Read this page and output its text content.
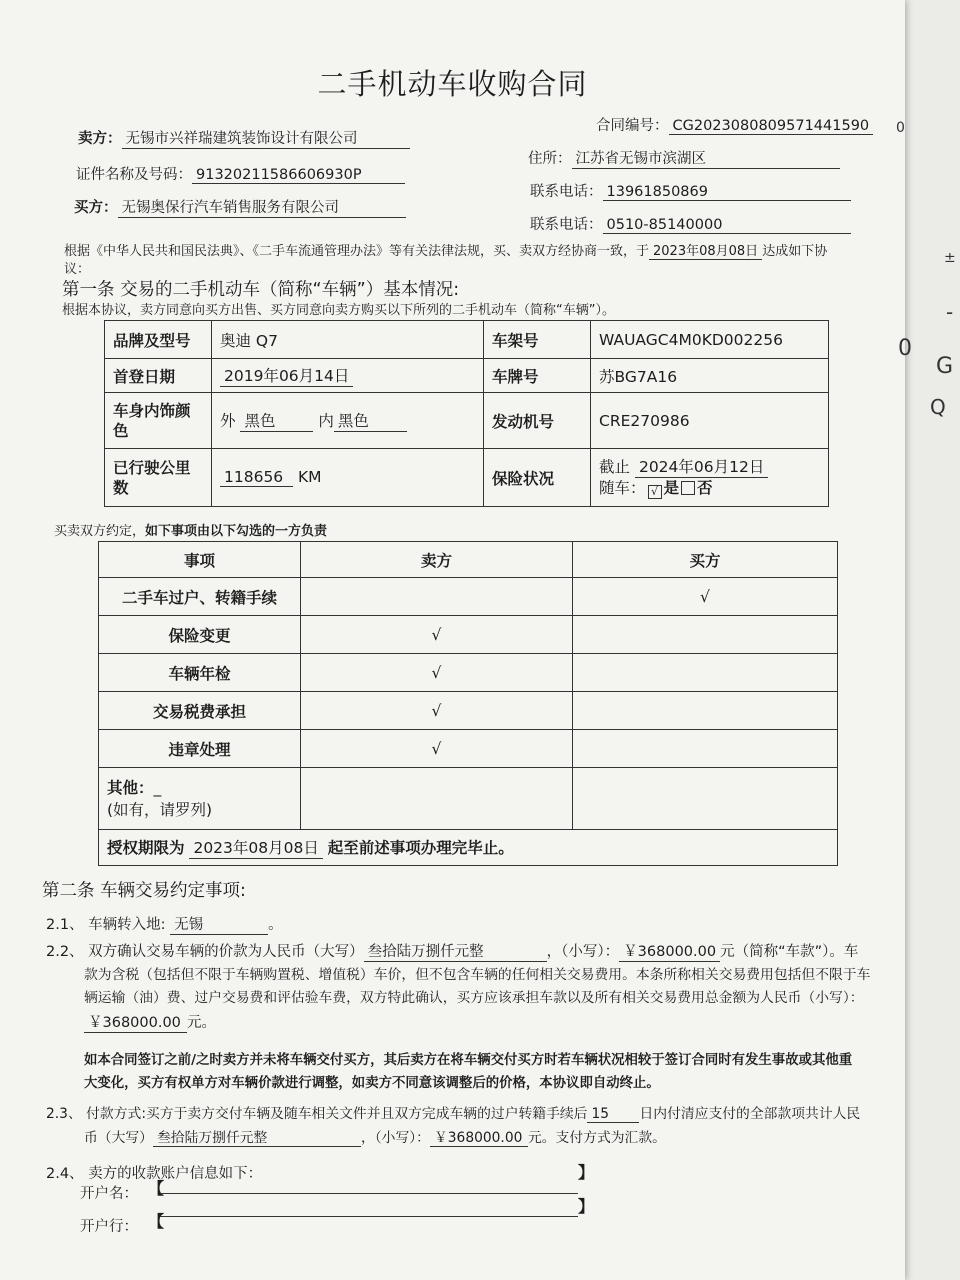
二手机动车收购合同
合同编号： CG2023080809571441590
卖方： 无锡市兴祥瑞建筑装饰设计有限公司
住所： 江苏省无锡市滨湖区
证件名称及号码： 91320211586606930P
联系电话： 13961850869
买方： 无锡奥保行汽车销售服务有限公司
联系电话： 0510-85140000
根据《中华人民共和国民法典》、《二手车流通管理办法》等有关法律法规，买、卖双方经协商一致，于 2023年08月08日 达成如下协
议：
第一条 交易的二手机动车（简称“车辆”）基本情况:
根据本协议，卖方同意向买方出售、买方同意向卖方购买以下所列的二手机动车（简称“车辆”）。
品牌及型号	奥迪 Q7	车架号	WAUAGC4M0KD002256
首登日期	2019年06月14日	车牌号	苏BG7A16
车身内饰颜色	外 黑色 内 黑色	发动机号	CRE270986
已行驶公里数	118656 KM	保险状况	截止 2024年06月12日
随车： √ 是 否
买卖双方约定，如下事项由以下勾选的一方负责
事项	卖方	买方
二手车过户、转籍手续		√
保险变更	√	
车辆年检	√	
交易税费承担	√	
违章处理	√	

其他：_
(如有，请罗列)		

授权期限为 2023年08月08日 起至前述事项办理完毕止。		
第二条 车辆交易约定事项:
2.1、 车辆转入地: 无锡	。
2.2、 双方确认交易车辆的价款为人民币（大写） 叁拾陆万捌仟元整	，（小写）： ￥368000.00 元（简称“车款”）。车
款为含税（包括但不限于车辆购置税、增值税）车价，但不包含车辆的任何相关交易费用。本条所称相关交易费用包括但不限于车
辆运输（油）费、过户交易费和评估验车费，双方特此确认，买方应该承担车款以及所有相关交易费用总金额为人民币（小写）：
￥368000.00 元。
如本合同签订之前/之时卖方并未将车辆交付买方，其后卖方在将车辆交付买方时若车辆状况相较于签订合同时有发生事故或其他重
大变化，买方有权单方对车辆价款进行调整，如卖方不同意该调整后的价格，本协议即自动终止。
2.3、 付款方式:买方于卖方交付车辆及随车相关文件并且双方完成车辆的过户转籍手续后 15 日内付清应支付的全部款项共计人民
币（大写） 叁拾陆万捌仟元整	，（小写）： ￥368000.00 元。支付方式为汇款。
2.4、 卖方的收款账户信息如下：
开户名： 【
】
开户行： 【
】
0
0
G
Q
±
-
